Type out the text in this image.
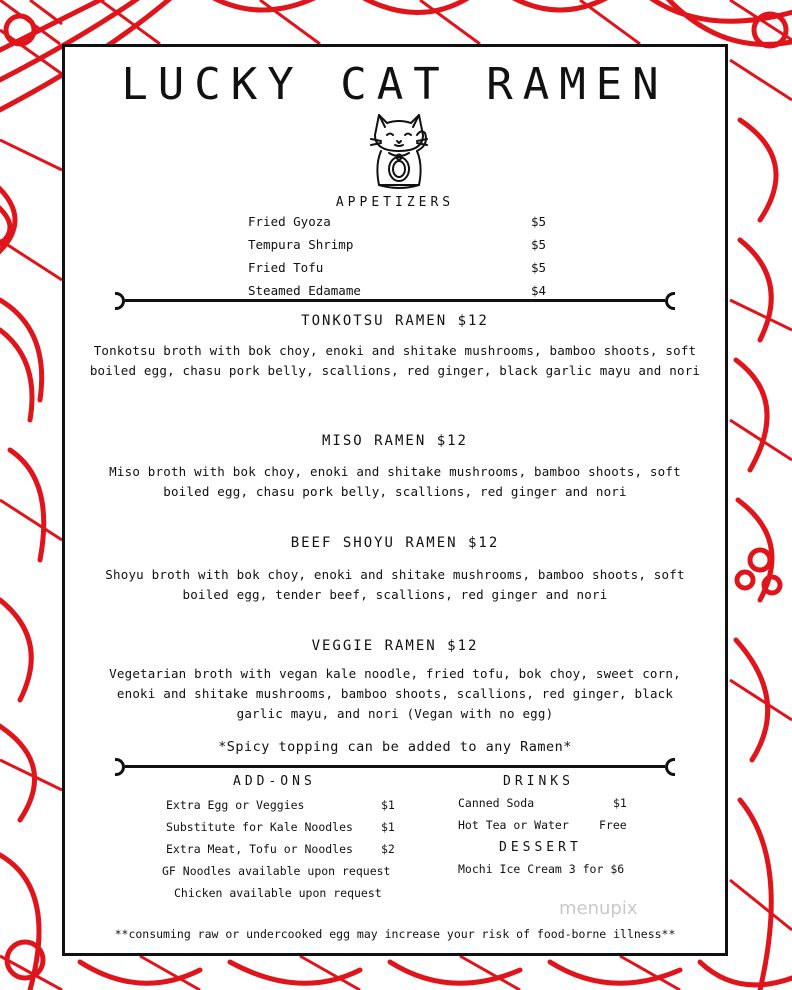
LUCKY CAT RAMEN
APPETIZERS
Fried Gyoza	$5
Tempura Shrimp	$5
Fried Tofu	$5
Steamed Edamame	$4
TONKOTSU RAMEN $12
Tonkotsu broth with bok choy, enoki and shitake mushrooms, bamboo shoots, soft boiled egg, chasu pork belly, scallions, red ginger, black garlic mayu and nori
MISO RAMEN $12
Miso broth with bok choy, enoki and shitake mushrooms, bamboo shoots, soft boiled egg, chasu pork belly, scallions, red ginger and nori
BEEF SHOYU RAMEN $12
Shoyu broth with bok choy, enoki and shitake mushrooms, bamboo shoots, soft boiled egg, tender beef, scallions, red ginger and nori
VEGGIE RAMEN $12
Vegetarian broth with vegan kale noodle, fried tofu, bok choy, sweet corn, enoki and shitake mushrooms, bamboo shoots, scallions, red ginger, black garlic mayu, and nori (Vegan with no egg)
*Spicy topping can be added to any Ramen*
ADD-ONS
Extra Egg or Veggies	$1
Substitute for Kale Noodles $1
Extra Meat, Tofu or Noodles $2
GF Noodles available upon request
Chicken available upon request
DRINKS
Canned Soda	$1
Hot Tea or Water	Free
DESSERT
Mochi Ice Cream 3 for $6
menupix
**consuming raw or undercooked egg may increase your risk of food-borne illness**
